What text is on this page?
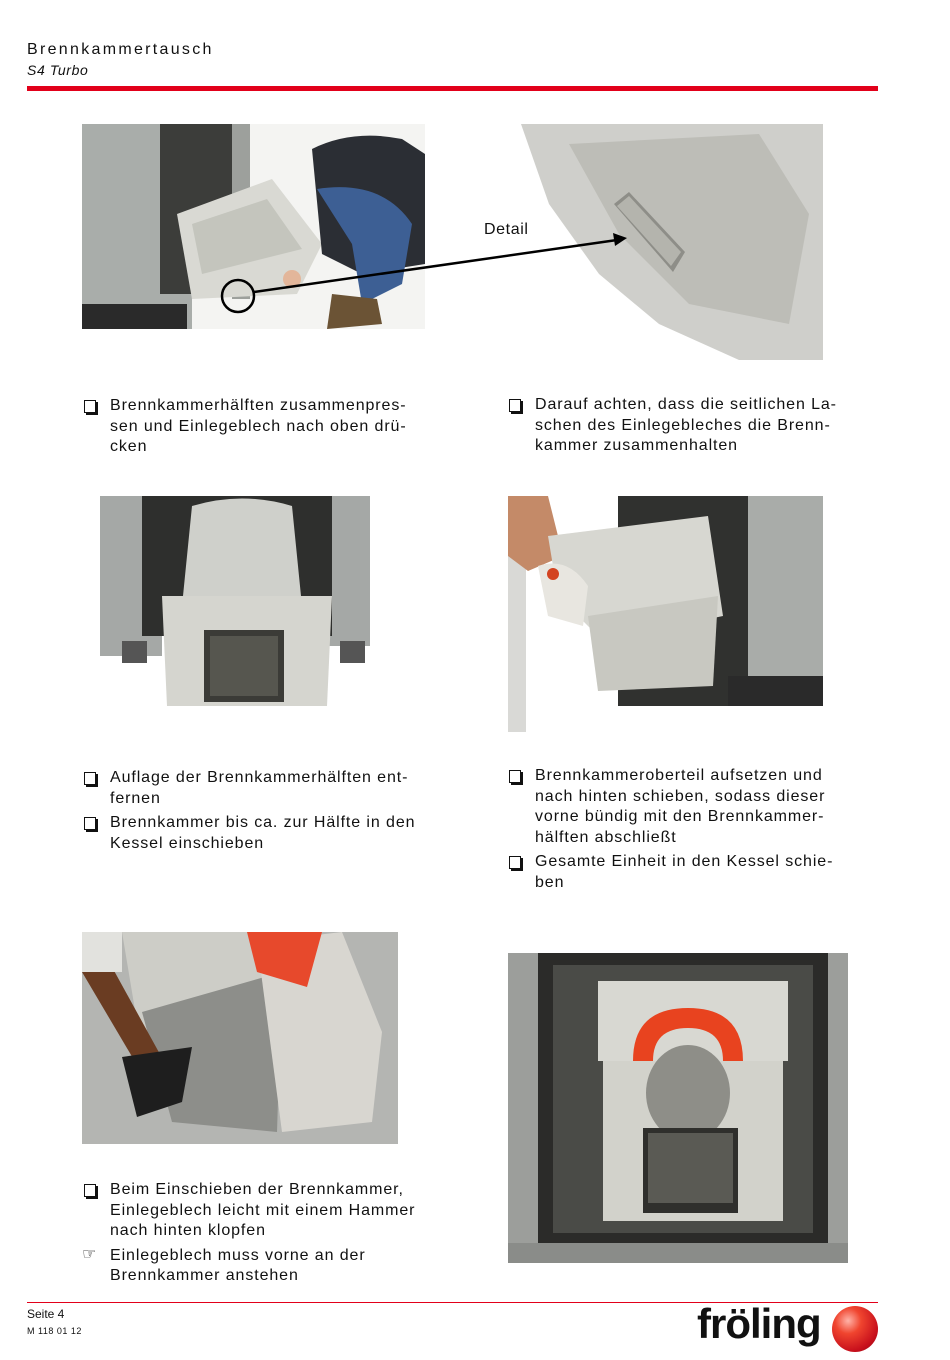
Brennkammertausch
S4 Turbo
Detail
Brennkammerhälften zusammenpres-
sen und Einlegeblech nach oben drü-
cken
Darauf achten, dass die seitlichen La-
schen des Einlegebleches die Brenn-
kammer zusammenhalten
Auflage der Brennkammerhälften ent-
fernen
Brennkammer bis ca. zur Hälfte in den
Kessel einschieben
Brennkammeroberteil aufsetzen und
nach hinten schieben, sodass dieser
vorne bündig mit den Brennkammer-
hälften abschließt
Gesamte Einheit in den Kessel schie-
ben
Beim Einschieben der Brennkammer,
Einlegeblech leicht mit einem Hammer
nach hinten klopfen
☞ Einlegeblech muss vorne an der
Brennkammer anstehen
Seite 4
M 118 01 12	fröling
